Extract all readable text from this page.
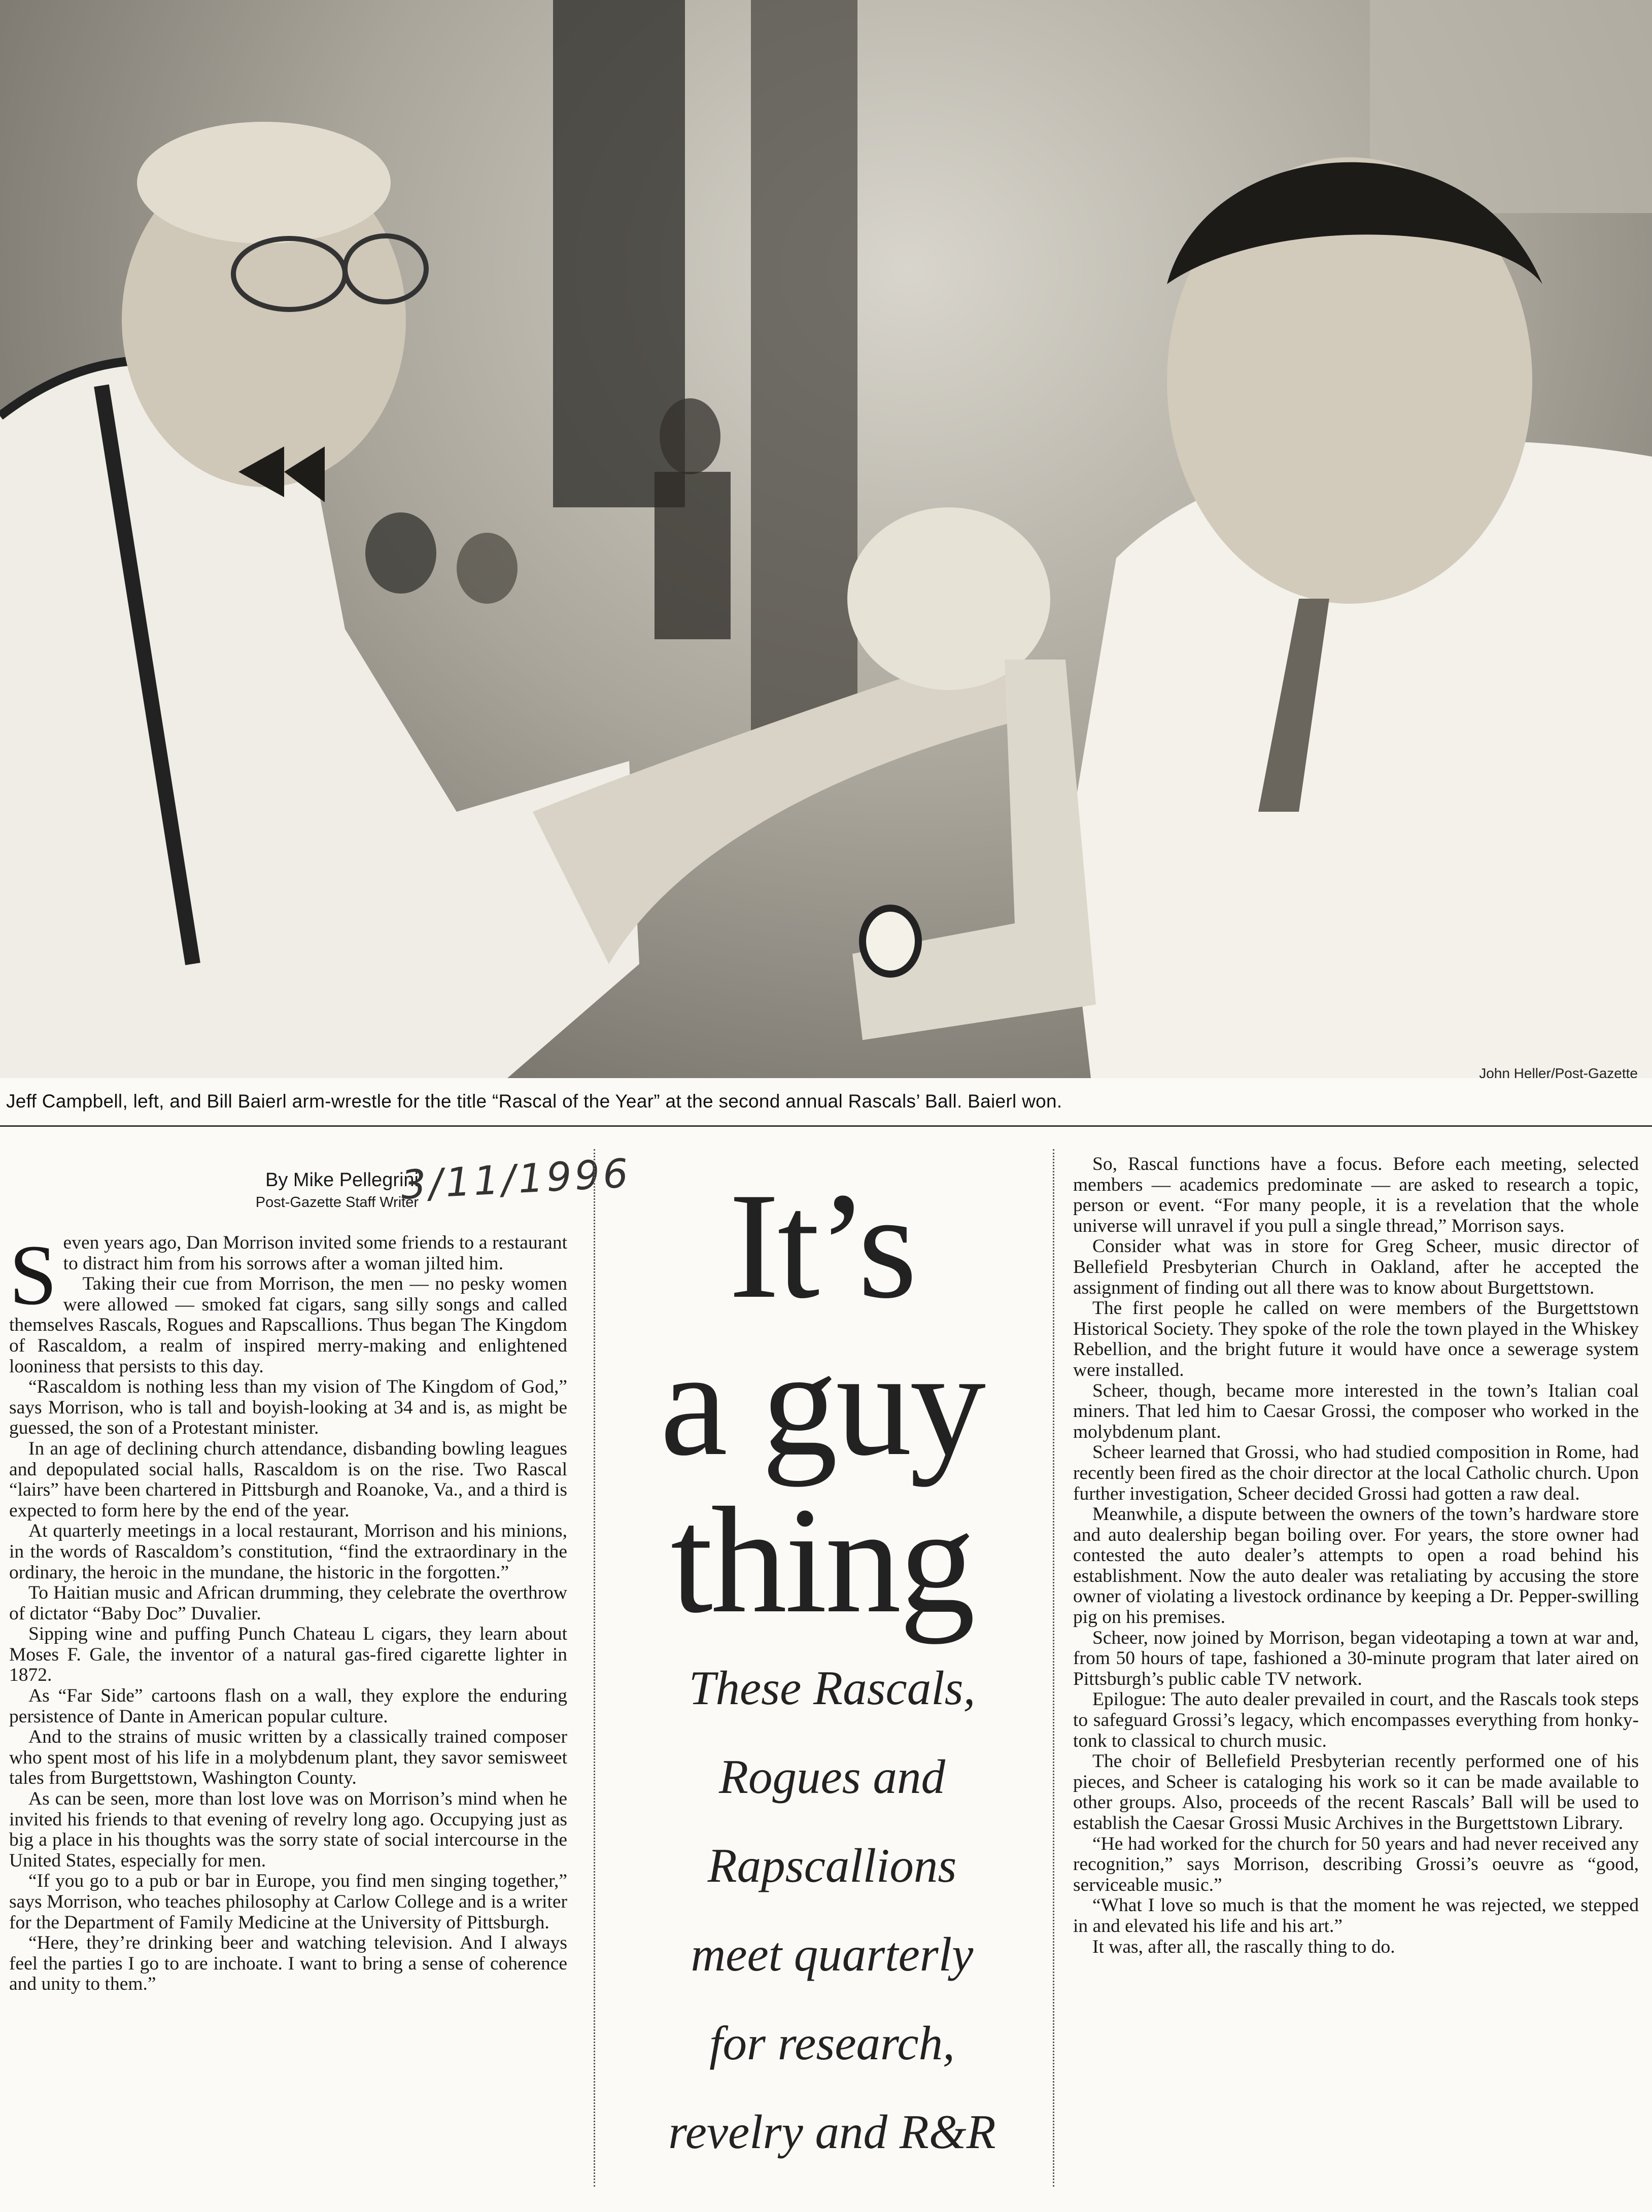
John Heller/Post-Gazette
Jeff Campbell, left, and Bill Baierl arm-wrestle for the title “Rascal of the Year” at the second annual Rascals’ Ball. Baierl won.
By Mike Pellegrini
Post-Gazette Staff Writer
3/11/1996

Seven years ago, Dan Morrison invited some friends to a restaurant to distract him from his sorrows after a woman jilted him.

Taking their cue from Morrison, the men — no pesky women were allowed — smoked fat cigars, sang silly songs and called themselves Rascals, Rogues and Rapscallions. Thus began The Kingdom of Rascaldom, a realm of inspired merry-making and enlightened looniness that persists to this day.

“Rascaldom is nothing less than my vision of The Kingdom of God,” says Morrison, who is tall and boyish-looking at 34 and is, as might be guessed, the son of a Protestant minister.

In an age of declining church attendance, disbanding bowling leagues and depopulated social halls, Rascaldom is on the rise. Two Rascal “lairs” have been chartered in Pittsburgh and Roanoke, Va., and a third is expected to form here by the end of the year.

At quarterly meetings in a local restaurant, Morrison and his minions, in the words of Rascaldom’s constitution, “find the extraordinary in the ordinary, the heroic in the mundane, the historic in the forgotten.”

To Haitian music and African drumming, they celebrate the overthrow of dictator “Baby Doc” Duvalier.

Sipping wine and puffing Punch Chateau L cigars, they learn about Moses F. Gale, the inventor of a natural gas-fired cigarette lighter in 1872.

As “Far Side” cartoons flash on a wall, they explore the enduring persistence of Dante in American popular culture.

And to the strains of music written by a classically trained composer who spent most of his life in a molybdenum plant, they savor semisweet tales from Burgettstown, Washington County.

As can be seen, more than lost love was on Morrison’s mind when he invited his friends to that evening of revelry long ago. Occupying just as big a place in his thoughts was the sorry state of social intercourse in the United States, especially for men.

“If you go to a pub or bar in Europe, you find men singing together,” says Morrison, who teaches philosophy at Carlow College and is a writer for the Department of Family Medicine at the University of Pittsburgh.

“Here, they’re drinking beer and watching television. And I always feel the parties I go to are inchoate. I want to bring a sense of coherence and unity to them.”

It’s
a guy
thing
These Rascals,
Rogues and
Rapscallions
meet quarterly
for research,
revelry and R&R

So, Rascal functions have a focus. Before each meeting, selected members — academics predominate — are asked to research a topic, person or event. “For many people, it is a revelation that the whole universe will unravel if you pull a single thread,” Morrison says.

Consider what was in store for Greg Scheer, music director of Bellefield Presbyterian Church in Oakland, after he accepted the assignment of finding out all there was to know about Burgettstown.

The first people he called on were members of the Burgettstown Historical Society. They spoke of the role the town played in the Whiskey Rebellion, and the bright future it would have once a sewerage system were installed.

Scheer, though, became more interested in the town’s Italian coal miners. That led him to Caesar Grossi, the composer who worked in the molybdenum plant.

Scheer learned that Grossi, who had studied composition in Rome, had recently been fired as the choir director at the local Catholic church. Upon further investigation, Scheer decided Grossi had gotten a raw deal.

Meanwhile, a dispute between the owners of the town’s hardware store and auto dealership began boiling over. For years, the store owner had contested the auto dealer’s attempts to open a road behind his establishment. Now the auto dealer was retaliating by accusing the store owner of violating a livestock ordinance by keeping a Dr. Pepper-swilling pig on his premises.

Scheer, now joined by Morrison, began videotaping a town at war and, from 50 hours of tape, fashioned a 30-minute program that later aired on Pittsburgh’s public cable TV network.

Epilogue: The auto dealer prevailed in court, and the Rascals took steps to safeguard Grossi’s legacy, which encompasses everything from honky-tonk to classical to church music.

The choir of Bellefield Presbyterian recently performed one of his pieces, and Scheer is cataloging his work so it can be made available to other groups. Also, proceeds of the recent Rascals’ Ball will be used to establish the Caesar Grossi Music Archives in the Burgettstown Library.

“He had worked for the church for 50 years and had never received any recognition,” says Morrison, describing Grossi’s oeuvre as “good, serviceable music.”

“What I love so much is that the moment he was rejected, we stepped in and elevated his life and his art.”

It was, after all, the rascally thing to do.
